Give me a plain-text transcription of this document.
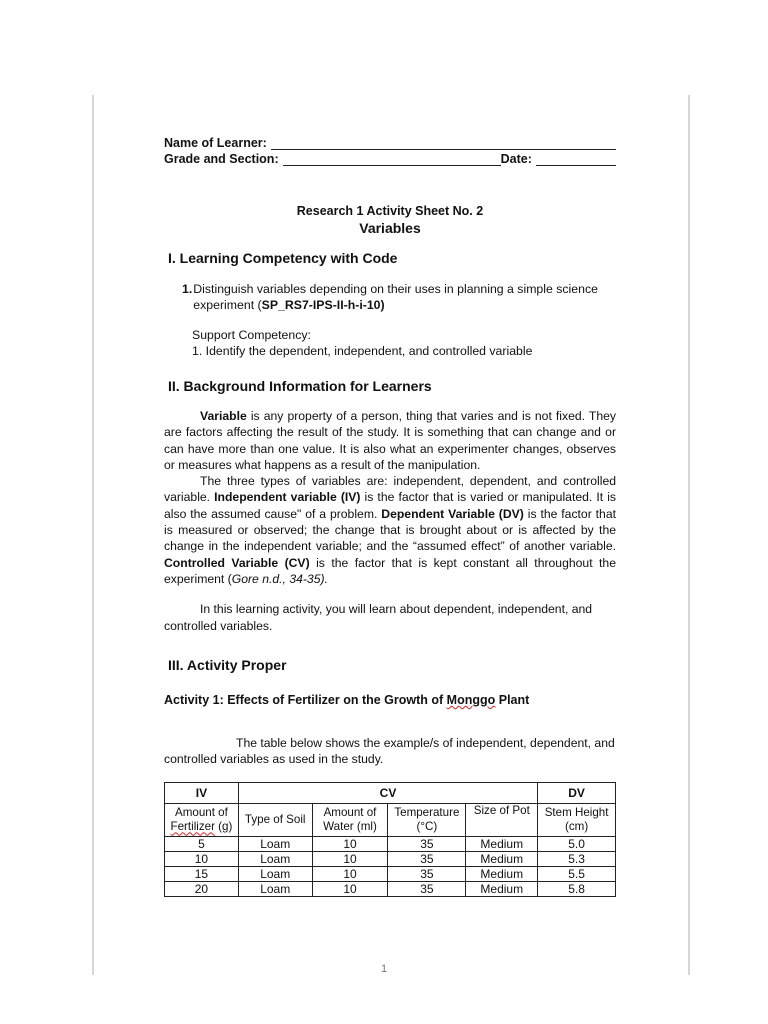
Name of Learner:
Grade and Section:	Date:
Research 1 Activity Sheet No. 2
Variables
I. Learning Competency with Code
1. Distinguish variables depending on their uses in planning a simple science experiment (SP_RS7-IPS-II-h-i-10)
Support Competency:
1. Identify the dependent, independent, and controlled variable
II. Background Information for Learners
Variable is any property of a person, thing that varies and is not fixed. They are factors affecting the result of the study. It is something that can change and or can have more than one value. It is also what an experimenter changes, observes or measures what happens as a result of the manipulation.
The three types of variables are: independent, dependent, and controlled variable. Independent variable (IV) is the factor that is varied or manipulated. It is also the assumed cause" of a problem. Dependent Variable (DV) is the factor that is measured or observed; the change that is brought about or is affected by the change in the independent variable; and the “assumed effect” of another variable. Controlled Variable (CV) is the factor that is kept constant all throughout the experiment (Gore n.d., 34-35).
In this learning activity, you will learn about dependent, independent, and controlled variables.
III. Activity Proper
Activity 1: Effects of Fertilizer on the Growth of Monggo Plant
The table below shows the example/s of independent, dependent, and controlled variables as used in the study.
IV	CV				DV
Amount of
Fertilizer (g)	Type of Soil	Amount of Water (ml)	Temperature (°C)	Size of Pot	Stem Height (cm)
5	Loam	10	35	Medium	5.0
10	Loam	10	35	Medium	5.3
15	Loam	10	35	Medium	5.5
20	Loam	10	35	Medium	5.8
1
